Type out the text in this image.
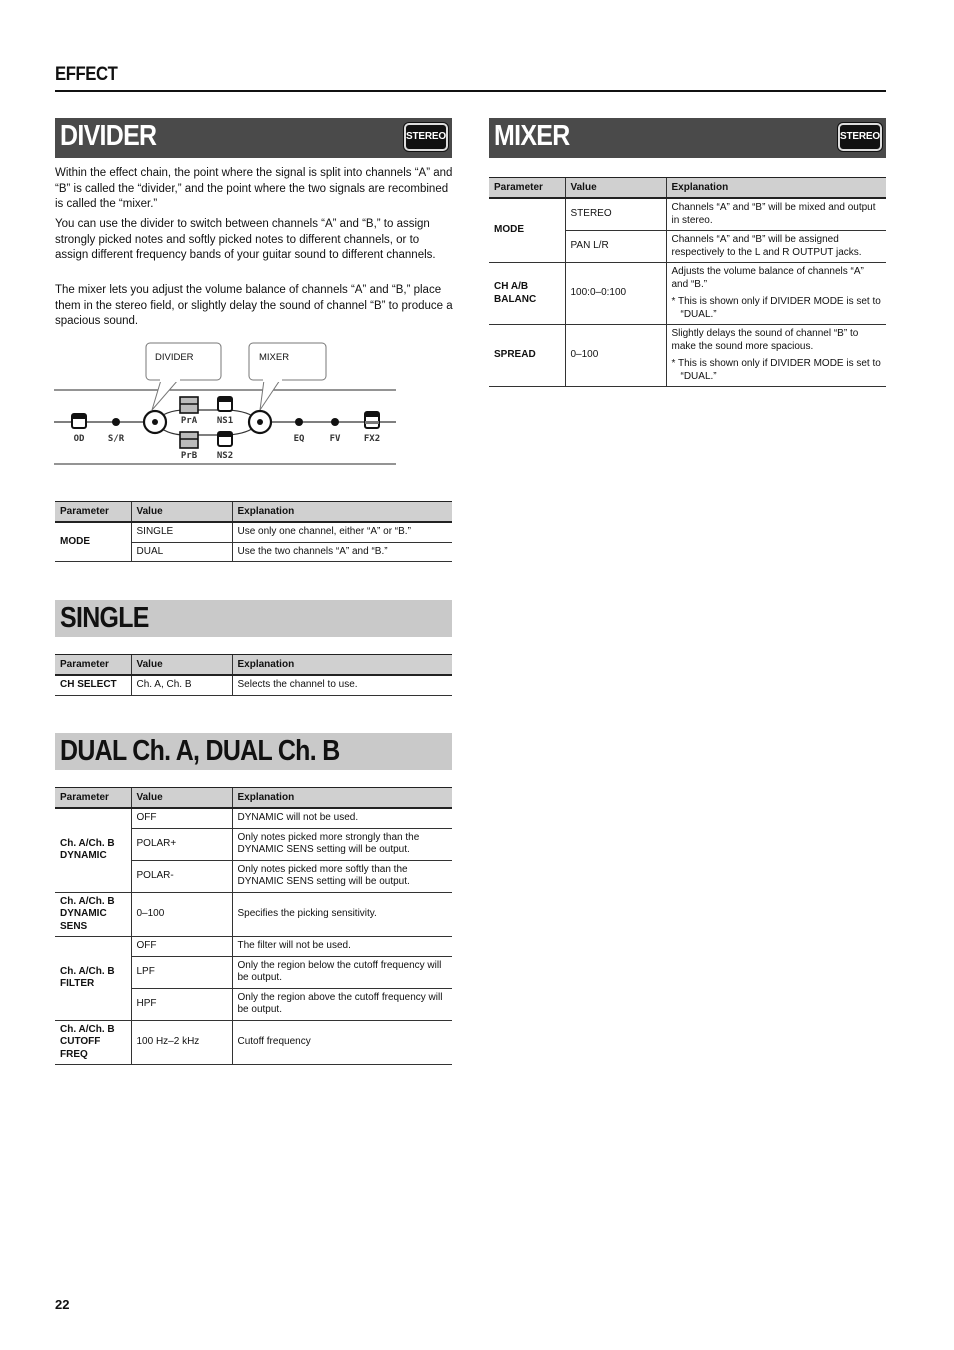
EFFECT
DIVIDER	STEREO

Within the effect chain, the point where the signal is split into channels “A” and “B” is called the “divider,” and the point where the two signals are recombined is called the “mixer.”

You can use the divider to switch between channels “A” and “B,” to assign strongly picked notes and softly picked notes to different channels, or to assign different frequency bands of your guitar sound to different channels.

The mixer lets you adjust the volume balance of channels “A” and “B,” place them in the stereo field, or slightly delay the sound of channel “B” to produce a spacious sound.

DIVIDER	MIXER
OD	S/R
PrA NS1
PrB NS2
EQ	FV	FX2
Parameter	Value	Explanation
MODE	SINGLE	Use only one channel, either “A” or “B.”
	DUAL	Use the two channels “A” and “B.”
SINGLE
Parameter	Value	Explanation
CH SELECT	Ch. A, Ch. B	Selects the channel to use.
DUAL Ch. A, DUAL Ch. B
Parameter	Value	Explanation
Ch. A/Ch. B DYNAMIC	OFF	DYNAMIC will not be used.
	POLAR+	Only notes picked more strongly than the DYNAMIC SENS setting will be output.
	POLAR-	Only notes picked more softly than the DYNAMIC SENS setting will be output.
Ch. A/Ch. B DYNAMIC SENS	0–100	Specifies the picking sensitivity.
Ch. A/Ch. B FILTER	OFF	The filter will not be used.
	LPF	Only the region below the cutoff frequency will be output.
	HPF	Only the region above the cutoff frequency will be output.
Ch. A/Ch. B CUTOFF FREQ	100 Hz–2 kHz	Cutoff frequency
MIXER	STEREO
Parameter	Value	Explanation
MODE	STEREO	Channels “A” and “B” will be mixed and output in stereo.
	PAN L/R	Channels “A” and “B” will be assigned respectively to the L and R OUTPUT jacks.
CH A/B BALANC	100:0–0:100	Adjusts the volume balance of channels “A” and “B.”
* This is shown only if DIVIDER MODE is set to “DUAL.”

SPREAD	0–100	Slightly delays the sound of channel “B” to make the sound more spacious.
* This is shown only if DIVIDER MODE is set to “DUAL.”
22
